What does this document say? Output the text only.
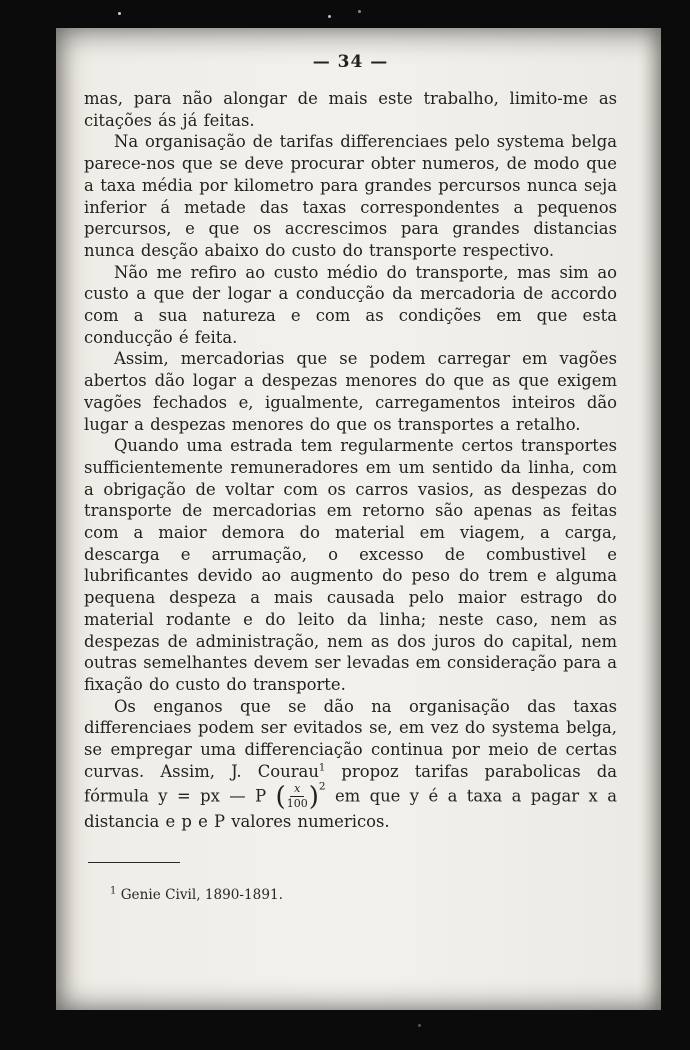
— 34 —

mas, para não alongar de mais este trabalho, limito-me as citações ás já feitas.

Na organisação de tarifas differenciaes pelo systema belga parece-nos que se deve procurar obter numeros, de modo que a taxa média por kilometro para grandes percursos nunca seja inferior á metade das taxas correspondentes a pequenos percursos, e que os accrescimos para grandes distancias nunca desção abaixo do custo do transporte respectivo.

Não me refiro ao custo médio do transporte, mas sim ao custo a que der logar a conducção da mercadoria de accordo com a sua natureza e com as condições em que esta conducção é feita.

Assim, mercadorias que se podem carregar em vagões abertos dão logar a despezas menores do que as que exigem vagões fechados e, igualmente, carregamentos inteiros dão lugar a despezas menores do que os transportes a retalho.

Quando uma estrada tem regularmente certos transportes sufficientemente remuneradores em um sentido da linha, com a obrigação de voltar com os carros vasios, as despezas do transporte de mercadorias em retorno são apenas as feitas com a maior demora do material em viagem, a carga, descarga e arrumação, o excesso de combustivel e lubrificantes devido ao augmento do peso do trem e alguma pequena despeza a mais causada pelo maior estrago do material rodante e do leito da linha; neste caso, nem as despezas de administração, nem as dos juros do capital, nem outras semelhantes devem ser levadas em consideração para a fixação do custo do transporte.

Os enganos que se dão na organisação das taxas differenciaes podem ser evitados se, em vez do systema belga, se empregar uma differenciação continua por meio de certas curvas. Assim, J. Courau$^1$ propoz tarifas parabolicas da fórmula y = px — P ( $\frac{x}{100} )^2$ em que y é a taxa a pagar x a distancia e p e P valores numericos.

$^1$ Genie Civil, 1890-1891.
